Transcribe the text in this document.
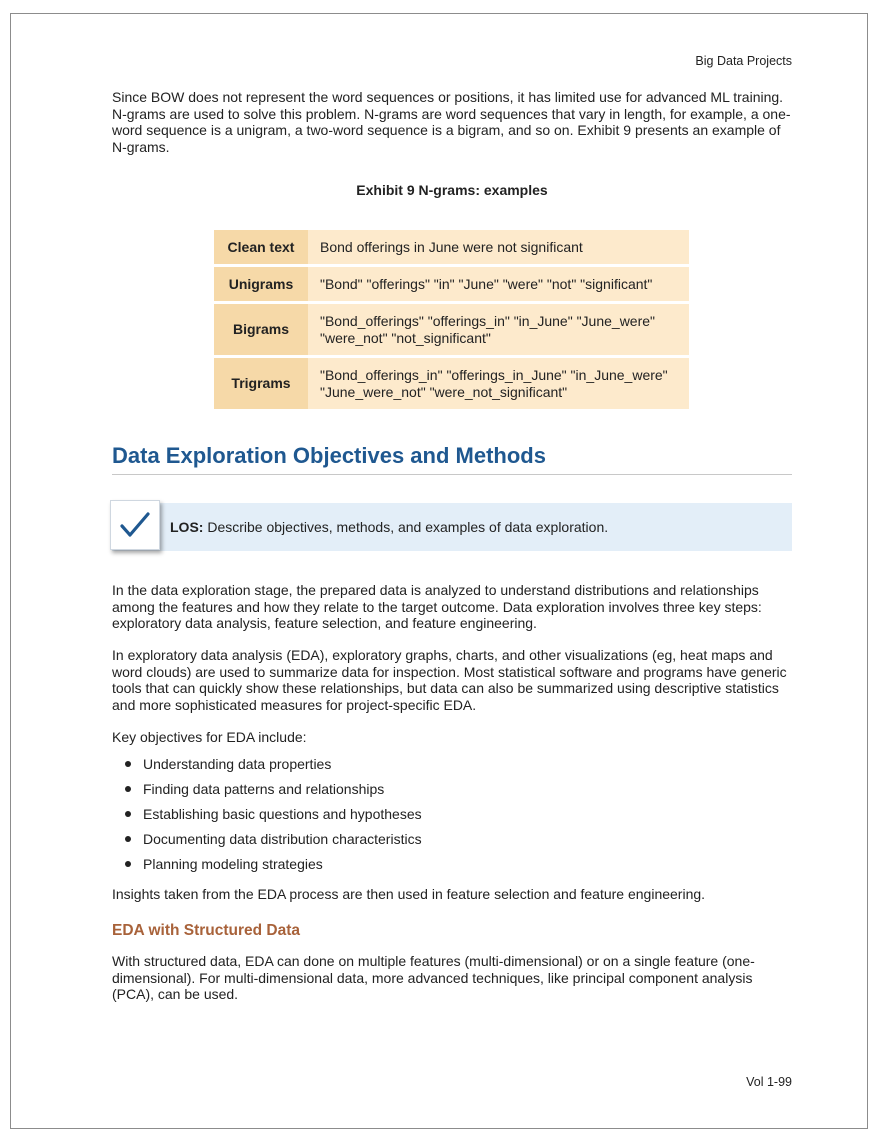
Big Data Projects

Since BOW does not represent the word sequences or positions, it has limited use for advanced ML training. N-grams are used to solve this problem. N-grams are word sequences that vary in length, for example, a one-word sequence is a unigram, a two-word sequence is a bigram, and so on. Exhibit 9 presents an example of N-grams.

Exhibit 9 N-grams: examples
Clean text	Bond offerings in June were not significant
Unigrams	"Bond" "offerings" "in" "June" "were" "not" "significant"
Bigrams	"Bond_offerings" "offerings_in" "in_June" "June_were" "were_not" "not_significant"
Trigrams	"Bond_offerings_in" "offerings_in_June" "in_June_were" "June_were_not" "were_not_significant"
Data Exploration Objectives and Methods
LOS: Describe objectives, methods, and examples of data exploration.

In the data exploration stage, the prepared data is analyzed to understand distributions and relationships among the features and how they relate to the target outcome. Data exploration involves three key steps: exploratory data analysis, feature selection, and feature engineering.

In exploratory data analysis (EDA), exploratory graphs, charts, and other visualizations (eg, heat maps and word clouds) are used to summarize data for inspection. Most statistical software and programs have generic tools that can quickly show these relationships, but data can also be summarized using descriptive statistics and more sophisticated measures for project-specific EDA.

Key objectives for EDA include:

Understanding data properties
Finding data patterns and relationships
Establishing basic questions and hypotheses
Documenting data distribution characteristics
Planning modeling strategies

Insights taken from the EDA process are then used in feature selection and feature engineering.

EDA with Structured Data

With structured data, EDA can done on multiple features (multi-dimensional) or on a single feature (one-dimensional). For multi-dimensional data, more advanced techniques, like principal component analysis (PCA), can be used.

Vol 1-99
